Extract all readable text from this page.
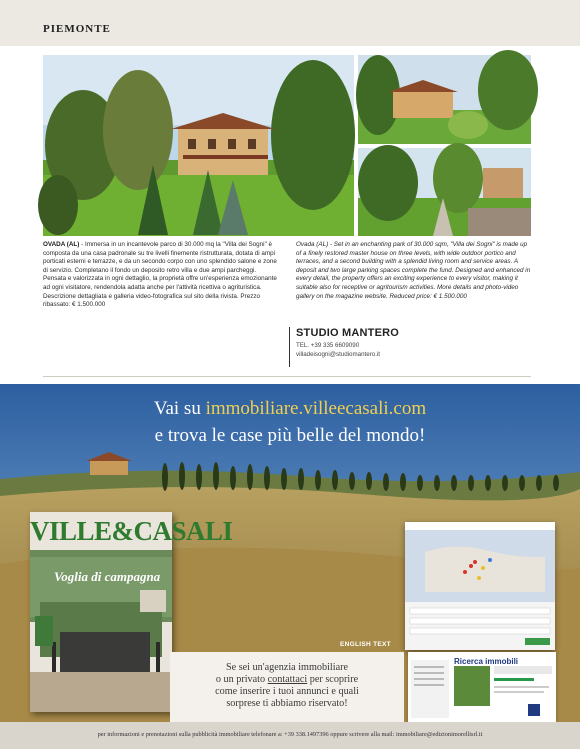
PIEMONTE
OVADA (AL) - Immersa in un incantevole parco di 30.000 mq la "Villa dei Sogni" è composta da una casa padronale su tre livelli finemente ristrutturata, dotata di ampi porticati esterni e terrazze, e da un secondo corpo con uno splendido salone e zone di servizio. Completano il fondo un deposito retro villa e due ampi parcheggi. Pensata e valorizzata in ogni dettaglio, la proprietà offre un'esperienza emozionante ad ogni visitatore, rendendola adatta anche per l'attività ricettiva o agrituristica. Descrizione dettagliata e galleria video-fotografica sul sito della rivista. Prezzo ribassato: € 1.500.000
Ovada (AL) - Set in an enchanting park of 30.000 sqm, "Villa dei Sogni" is made up of a finely restored master house on three levels, with wide outdoor portico and terraces, and a second building with a splendid living room and service areas. A deposit and two large parking spaces complete the fund. Designed and enhanced in every detail, the property offers an exciting experience to every visitor, making it suitable also for receptive or agritourism activities. More details and photo-video gallery on the magazine website. Reduced price: € 1.500.000
STUDIO MANTERO
TEL. +39 335 6609090
villadeisogni@studiomantero.it
Vai su immobiliare.villeecasali.com
e trova le case più belle del mondo!
VILLE&CASALI
Voglia di campagna
ENGLISH TEXT
Se sei un'agenzia immobiliare
o un privato contattaci per scoprire
come inserire i tuoi annunci e quali
sorprese ti abbiamo riservato!
Ricerca immobili
per informazioni e prenotazioni sulla pubblicità immobiliare telefonare a: +39 338.1497396 oppure scrivere alla mail: immobiliare@edizionimorellisrl.it
